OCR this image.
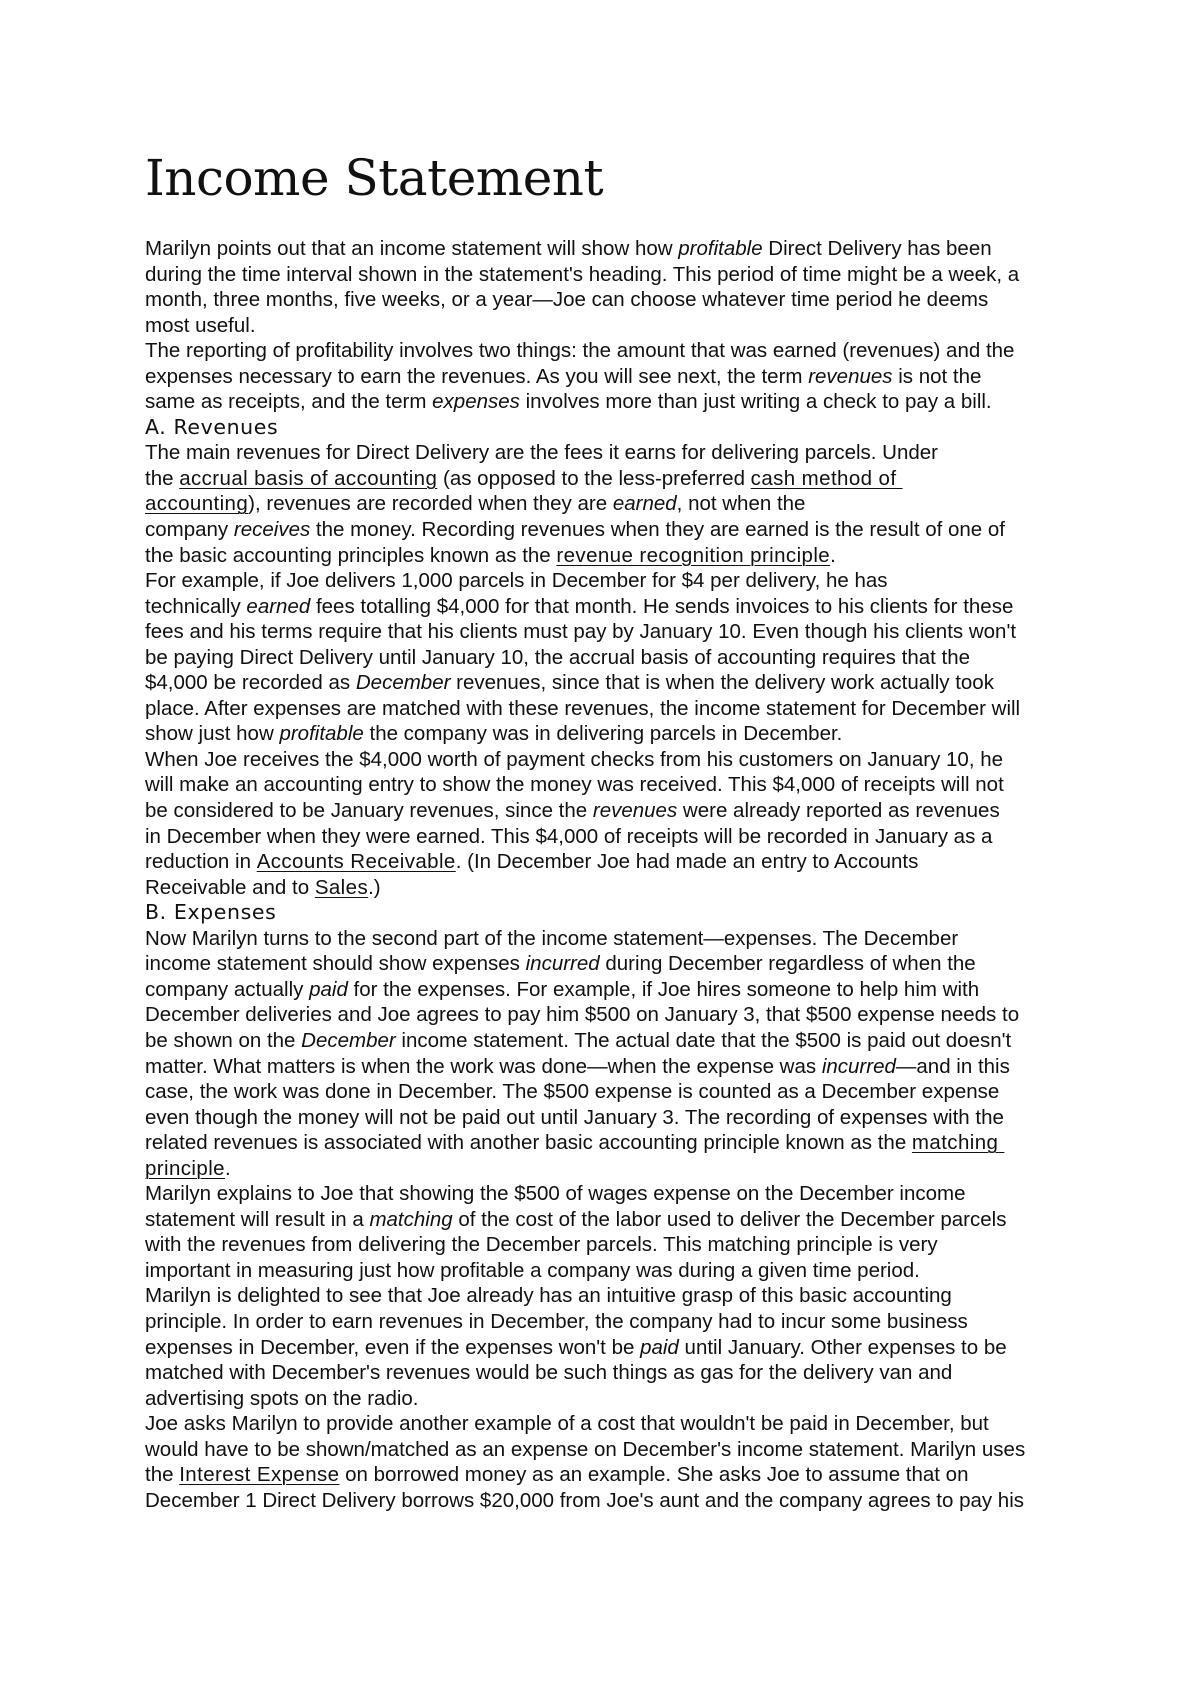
Income Statement
Marilyn points out that an income statement will show how profitable Direct Delivery has been
during the time interval shown in the statement's heading. This period of time might be a week, a
month, three months, five weeks, or a year—Joe can choose whatever time period he deems
most useful.
The reporting of profitability involves two things: the amount that was earned (revenues) and the
expenses necessary to earn the revenues. As you will see next, the term revenues is not the
same as receipts, and the term expenses involves more than just writing a check to pay a bill.
A. Revenues
The main revenues for Direct Delivery are the fees it earns for delivering parcels. Under
the accrual basis of accounting (as opposed to the less-preferred cash method of
accounting), revenues are recorded when they are earned, not when the
company receives the money. Recording revenues when they are earned is the result of one of
the basic accounting principles known as the revenue recognition principle.
For example, if Joe delivers 1,000 parcels in December for $4 per delivery, he has
technically earned fees totalling $4,000 for that month. He sends invoices to his clients for these
fees and his terms require that his clients must pay by January 10. Even though his clients won't
be paying Direct Delivery until January 10, the accrual basis of accounting requires that the
$4,000 be recorded as December revenues, since that is when the delivery work actually took
place. After expenses are matched with these revenues, the income statement for December will
show just how profitable the company was in delivering parcels in December.
When Joe receives the $4,000 worth of payment checks from his customers on January 10, he
will make an accounting entry to show the money was received. This $4,000 of receipts will not
be considered to be January revenues, since the revenues were already reported as revenues
in December when they were earned. This $4,000 of receipts will be recorded in January as a
reduction in Accounts Receivable. (In December Joe had made an entry to Accounts
Receivable and to Sales.)
B. Expenses
Now Marilyn turns to the second part of the income statement—expenses. The December
income statement should show expenses incurred during December regardless of when the
company actually paid for the expenses. For example, if Joe hires someone to help him with
December deliveries and Joe agrees to pay him $500 on January 3, that $500 expense needs to
be shown on the December income statement. The actual date that the $500 is paid out doesn't
matter. What matters is when the work was done—when the expense was incurred—and in this
case, the work was done in December. The $500 expense is counted as a December expense
even though the money will not be paid out until January 3. The recording of expenses with the
related revenues is associated with another basic accounting principle known as the matching
principle.
Marilyn explains to Joe that showing the $500 of wages expense on the December income
statement will result in a matching of the cost of the labor used to deliver the December parcels
with the revenues from delivering the December parcels. This matching principle is very
important in measuring just how profitable a company was during a given time period.
Marilyn is delighted to see that Joe already has an intuitive grasp of this basic accounting
principle. In order to earn revenues in December, the company had to incur some business
expenses in December, even if the expenses won't be paid until January. Other expenses to be
matched with December's revenues would be such things as gas for the delivery van and
advertising spots on the radio.
Joe asks Marilyn to provide another example of a cost that wouldn't be paid in December, but
would have to be shown/matched as an expense on December's income statement. Marilyn uses
the Interest Expense on borrowed money as an example. She asks Joe to assume that on
December 1 Direct Delivery borrows $20,000 from Joe's aunt and the company agrees to pay his
